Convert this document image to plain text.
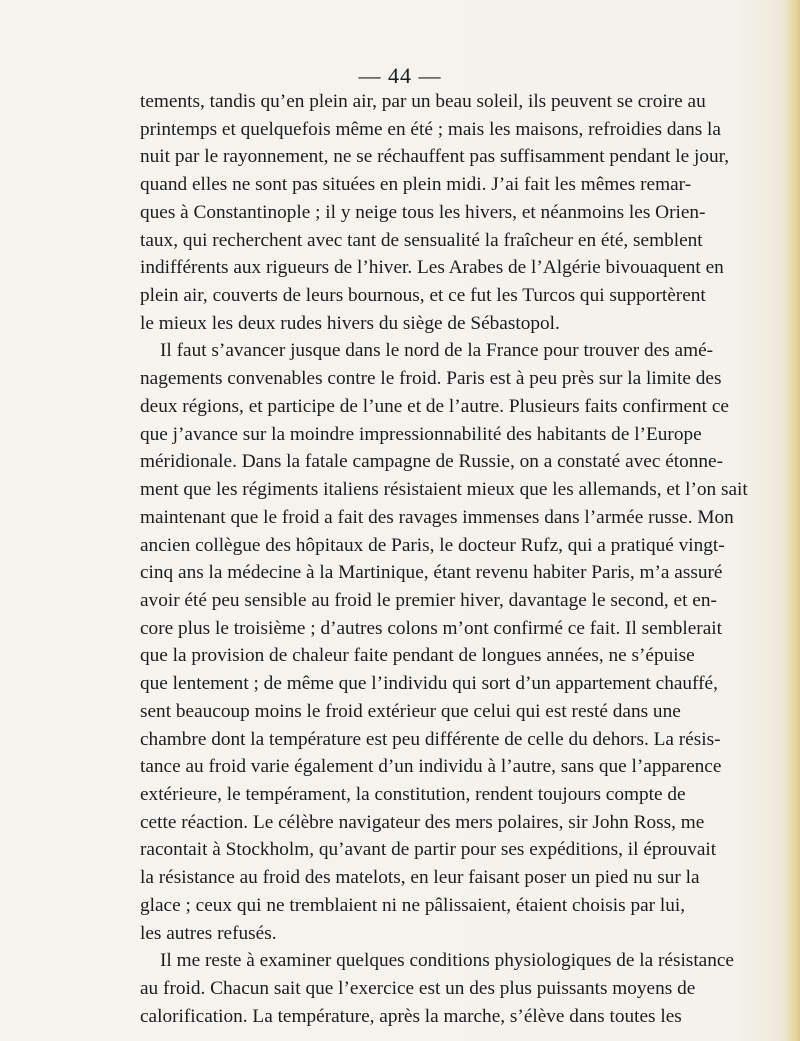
— 44 —
tements, tandis qu’en plein air, par un beau soleil, ils peuvent se croire au
printemps et quelquefois même en été ; mais les maisons, refroidies dans la
nuit par le rayonnement, ne se réchauffent pas suffisamment pendant le jour,
quand elles ne sont pas situées en plein midi. J’ai fait les mêmes remar-
ques à Constantinople ; il y neige tous les hivers, et néanmoins les Orien-
taux, qui recherchent avec tant de sensualité la fraîcheur en été, semblent
indifférents aux rigueurs de l’hiver. Les Arabes de l’Algérie bivouaquent en
plein air, couverts de leurs bournous, et ce fut les Turcos qui supportèrent
le mieux les deux rudes hivers du siège de Sébastopol.
Il faut s’avancer jusque dans le nord de la France pour trouver des amé-
nagements convenables contre le froid. Paris est à peu près sur la limite des
deux régions, et participe de l’une et de l’autre. Plusieurs faits confirment ce
que j’avance sur la moindre impressionnabilité des habitants de l’Europe
méridionale. Dans la fatale campagne de Russie, on a constaté avec étonne-
ment que les régiments italiens résistaient mieux que les allemands, et l’on sait
maintenant que le froid a fait des ravages immenses dans l’armée russe. Mon
ancien collègue des hôpitaux de Paris, le docteur Rufz, qui a pratiqué vingt-
cinq ans la médecine à la Martinique, étant revenu habiter Paris, m’a assuré
avoir été peu sensible au froid le premier hiver, davantage le second, et en-
core plus le troisième ; d’autres colons m’ont confirmé ce fait. Il semblerait
que la provision de chaleur faite pendant de longues années, ne s’épuise
que lentement ; de même que l’individu qui sort d’un appartement chauffé,
sent beaucoup moins le froid extérieur que celui qui est resté dans une
chambre dont la température est peu différente de celle du dehors. La résis-
tance au froid varie également d’un individu à l’autre, sans que l’apparence
extérieure, le tempérament, la constitution, rendent toujours compte de
cette réaction. Le célèbre navigateur des mers polaires, sir John Ross, me
racontait à Stockholm, qu’avant de partir pour ses expéditions, il éprouvait
la résistance au froid des matelots, en leur faisant poser un pied nu sur la
glace ; ceux qui ne tremblaient ni ne pâlissaient, étaient choisis par lui,
les autres refusés.
Il me reste à examiner quelques conditions physiologiques de la résistance
au froid. Chacun sait que l’exercice est un des plus puissants moyens de
calorification. La température, après la marche, s’élève dans toutes les
